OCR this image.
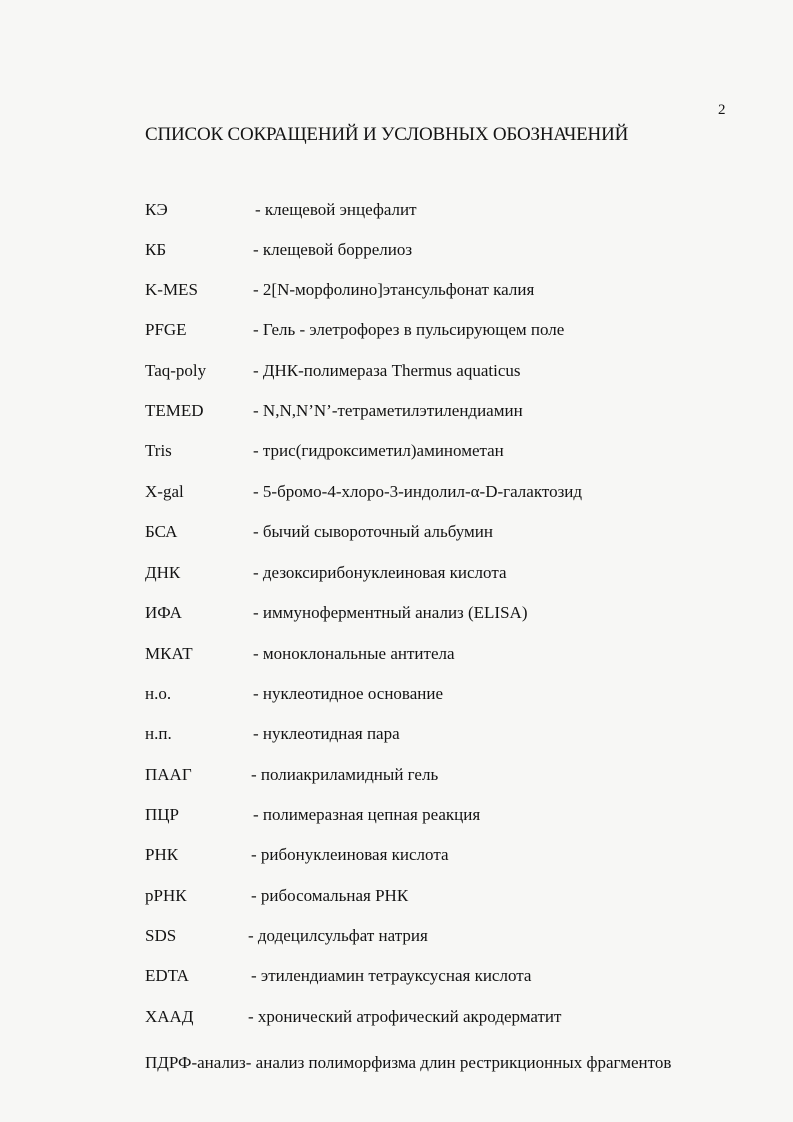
2
СПИСОК СОКРАЩЕНИЙ И УСЛОВНЫХ ОБОЗНАЧЕНИЙ
КЭ	- клещевой энцефалит
КБ	- клещевой боррелиоз
K-MES	- 2[N-морфолино]этансульфонат калия
PFGE	- Гель - элетрофорез в пульсирующем поле
Taq-poly	- ДНК-полимераза Thermus aquaticus
TEMED	- N,N,N’N’-тетраметилэтилендиамин
Tris	- трис(гидроксиметил)аминометан
X-gal	- 5-бромо-4-хлоро-3-индолил-α-D-галактозид
БСА	- бычий сывороточный альбумин
ДНК	- дезоксирибонуклеиновая кислота
ИФА	- иммуноферментный анализ (ELISA)
МКАТ	- моноклональные антитела
н.о.	- нуклеотидное основание
н.п.	- нуклеотидная пара
ПААГ	- полиакриламидный гель
ПЦР	- полимеразная цепная реакция
РНК	- рибонуклеиновая кислота
рРНК	- рибосомальная РНК
SDS	- додецилсульфат натрия
EDTA	- этилендиамин тетрауксусная кислота
ХААД	- хронический атрофический акродерматит
ПДРФ-анализ- анализ полиморфизма длин рестрикционных фрагментов
